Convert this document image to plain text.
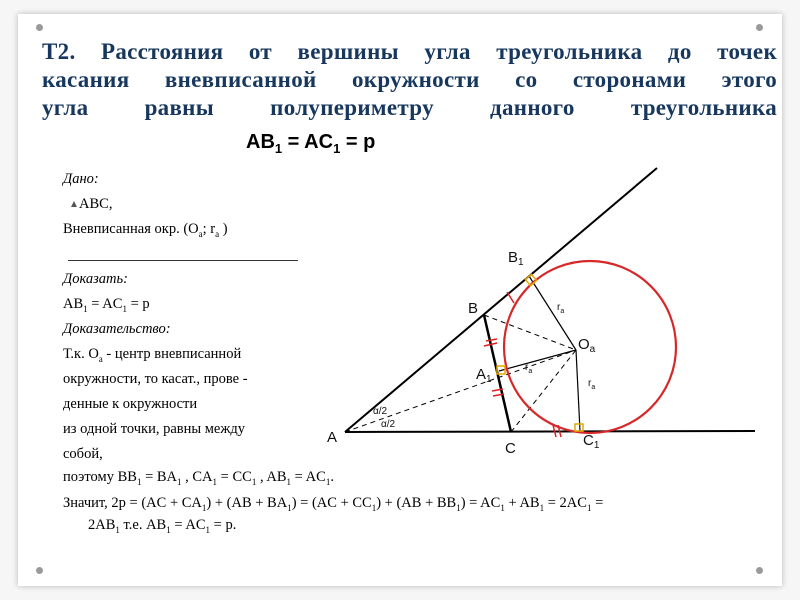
T2. Расстояния от вершины угла треугольника до точек
касания вневписанной окружности со сторонами этого
угла равны полупериметру данного треугольника

$AB_1 = AC_1 = p$

Дано:
ABC,
Вневписанная окр. ($O_a$; $r_a$ )
Доказать:
$AB_1 = AC_1 = p$
Доказательство:
Т.к. $O_a$ - центр вневписанной
окружности, то касат., прове -
денные к окружности
из одной точки, равны между
собой,
поэтому $BB_1 = BA_1$ , $CA_1 = CC_1$ , $AB_1 = AC_1$.
Значит, $2p = (AC + CA_1) + (AB + BA_1) = (AC + CC_1) + (AB + BB_1) = AC_1 + AB_1 = 2AC_1$ =
$2AB_1$ т.е. $AB_1 = AC_1 = p$.
A
B
$B_1$
C	$C_1$
$A_1$
$O_a$
$r_a$
$r_a$
$r_a$
α/2
α/2
